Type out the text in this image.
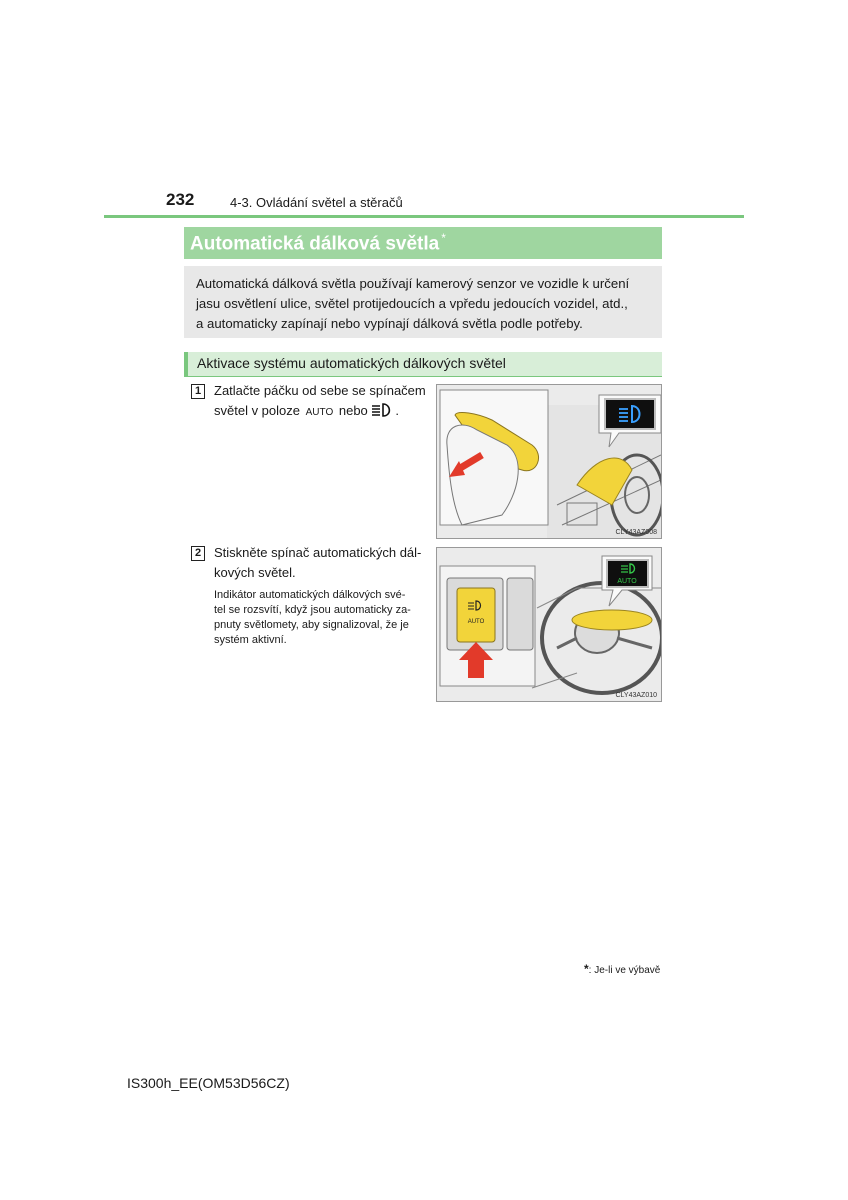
232	4-3. Ovládání světel a stěračů
Automatická dálková světla *
Automatická dálková světla používají kamerový senzor ve vozidle k určení
jasu osvětlení ulice, světel protijedoucích a vpředu jedoucích vozidel, atd.,
a automaticky zapínají nebo vypínají dálková světla podle potřeby.
Aktivace systému automatických dálkových světel
1 Zatlačte páčku od sebe se spínačem
světel v poloze AUTO nebo .
CLY43AZ008
2 Stiskněte spínač automatických dál-
kových světel.
Indikátor automatických dálkových své-
tel se rozsvítí, když jsou automaticky za-
pnuty světlomety, aby signalizoval, že je
systém aktivní.
AUTO
AUTO
CLY43AZ010
*: Je-li ve výbavě
IS300h_EE(OM53D56CZ)
